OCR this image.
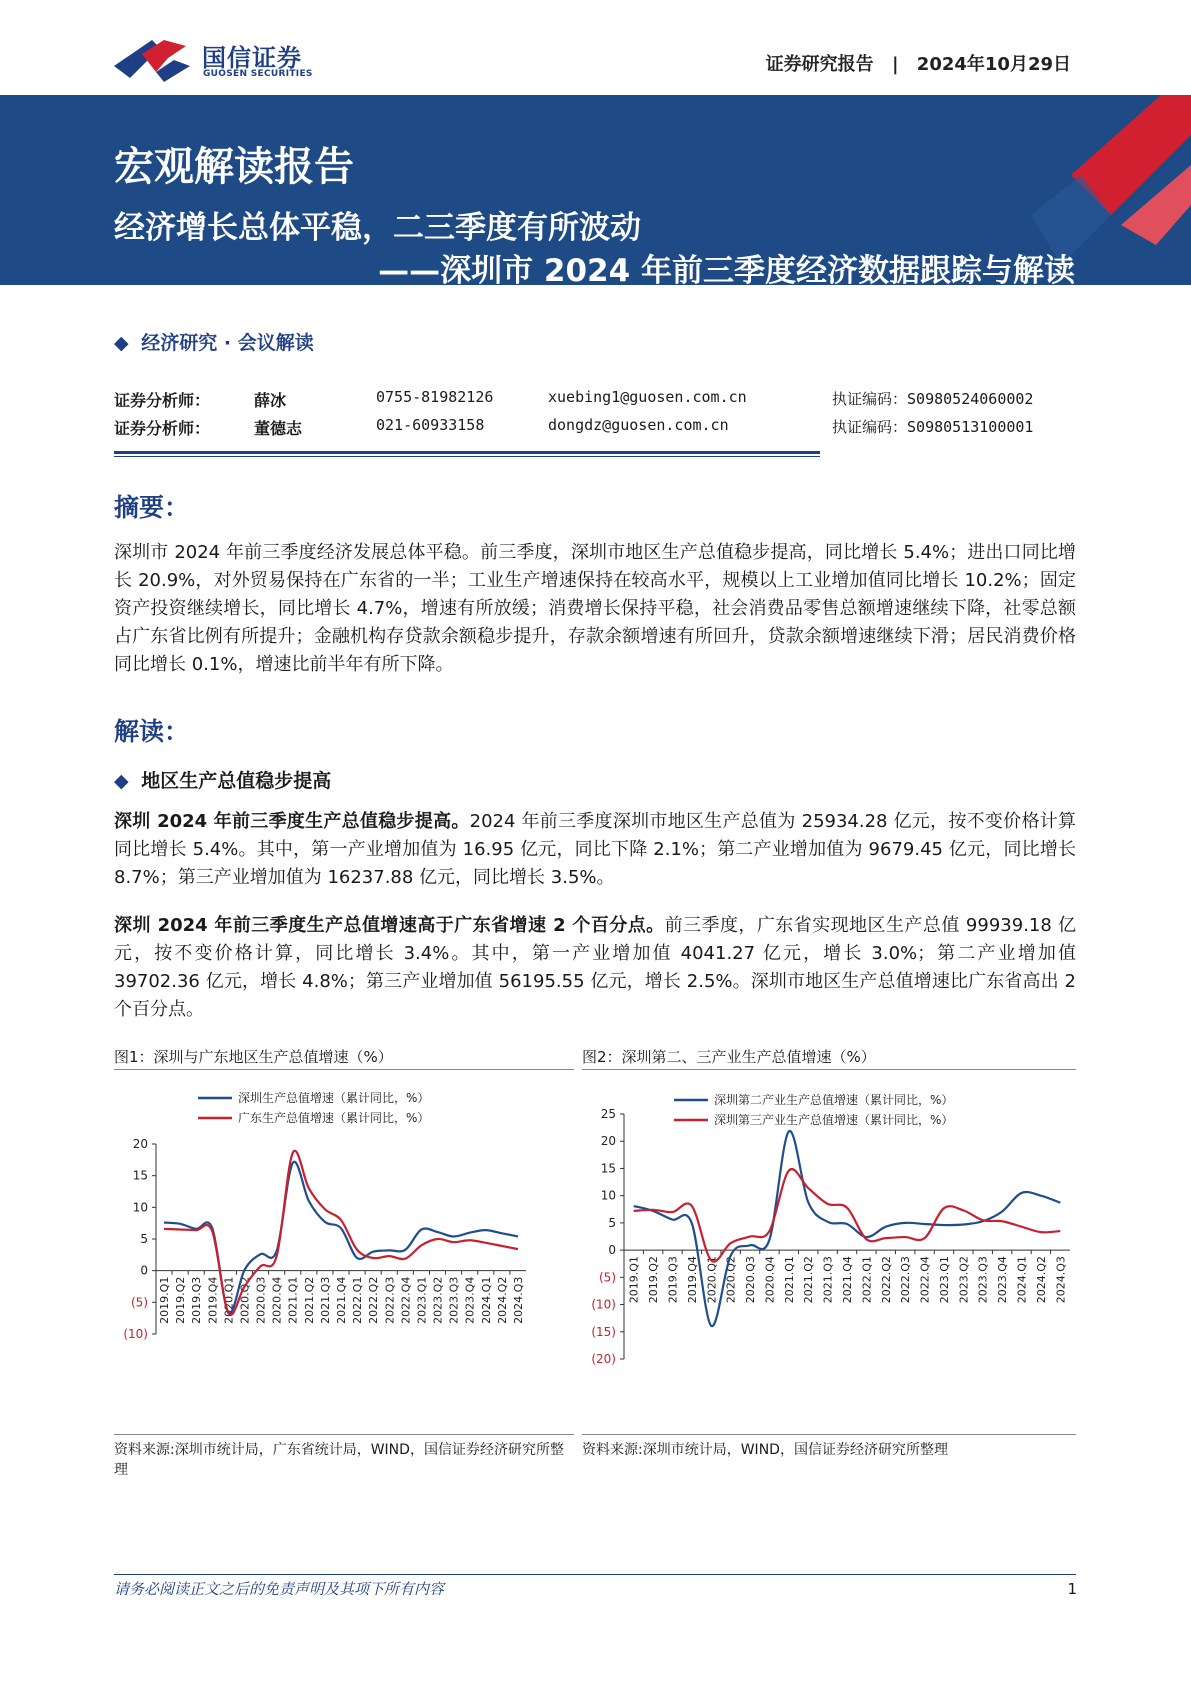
国信证券
GUOSEN SECURITIES	证券研究报告 | 2024年10月29日
宏观解读报告
经济增长总体平稳，二三季度有所波动
——深圳市 2024 年前三季度经济数据跟踪与解读
◆ 经济研究 · 会议解读
证券分析师：	薛冰	0755-81982126	xuebing1@guosen.com.cn	执证编码：S0980524060002
证券分析师：	董德志	021-60933158	dongdz@guosen.com.cn	执证编码：S0980513100001
摘要：
深圳市 2024 年前三季度经济发展总体平稳。前三季度，深圳市地区生产总值稳步提高，同比增长 5.4%；进出口同比增长 20.9%，对外贸易保持在广东省的一半；工业生产增速保持在较高水平，规模以上工业增加值同比增长 10.2%；固定资产投资继续增长，同比增长 4.7%，增速有所放缓；消费增长保持平稳，社会消费品零售总额增速继续下降，社零总额占广东省比例有所提升；金融机构存贷款余额稳步提升，存款余额增速有所回升，贷款余额增速继续下滑；居民消费价格同比增长 0.1%，增速比前半年有所下降。
解读：
◆ 地区生产总值稳步提高
深圳 2024 年前三季度生产总值稳步提高。2024 年前三季度深圳市地区生产总值为 25934.28 亿元，按不变价格计算同比增长 5.4%。其中，第一产业增加值为 16.95 亿元，同比下降 2.1%；第二产业增加值为 9679.45 亿元，同比增长 8.7%；第三产业增加值为 16237.88 亿元，同比增长 3.5%。
深圳 2024 年前三季度生产总值增速高于广东省增速 2 个百分点。前三季度，广东省实现地区生产总值 99939.18 亿元，按不变价格计算，同比增长 3.4%。其中，第一产业增加值 4041.27 亿元，增长 3.0%；第二产业增加值 39702.36 亿元，增长 4.8%；第三产业增加值 56195.55 亿元，增长 2.5%。深圳市地区生产总值增速比广东省高出 2 个百分点。
图1：深圳与广东地区生产总值增速（%）
(10)
(5)
0
5
10
15
20
2019.Q1 2019.Q2 2019.Q3 2019.Q4 2020.Q1 2020.Q2 2020.Q3 2020.Q4 2021.Q1 2021.Q2 2021.Q3 2021.Q4 2022.Q1 2022.Q2 2022.Q3 2022.Q4 2023.Q1 2023.Q2 2023.Q3 2023.Q4 2024.Q1 2024.Q2 2024.Q3
深圳生产总值增速（累计同比，%）
广东生产总值增速（累计同比，%）
资料来源:深圳市统计局，广东省统计局，WIND，国信证券经济研究所整理
图2：深圳第二、三产业生产总值增速（%）
(20)
(15)
(10)
(5)
0
5
10
15
20
25
2019.Q1 2019.Q2 2019.Q3 2019.Q4 2020.Q1 2020.Q2 2020.Q3 2020.Q4 2021.Q1 2021.Q2 2021.Q3 2021.Q4 2022.Q1 2022.Q2 2022.Q3 2022.Q4 2023.Q1 2023.Q2 2023.Q3 2023.Q4 2024.Q1 2024.Q2 2024.Q3
深圳第二产业生产总值增速（累计同比，%）
深圳第三产业生产总值增速（累计同比，%）
资料来源:深圳市统计局，WIND，国信证券经济研究所整理
请务必阅读正文之后的免责声明及其项下所有内容	1
